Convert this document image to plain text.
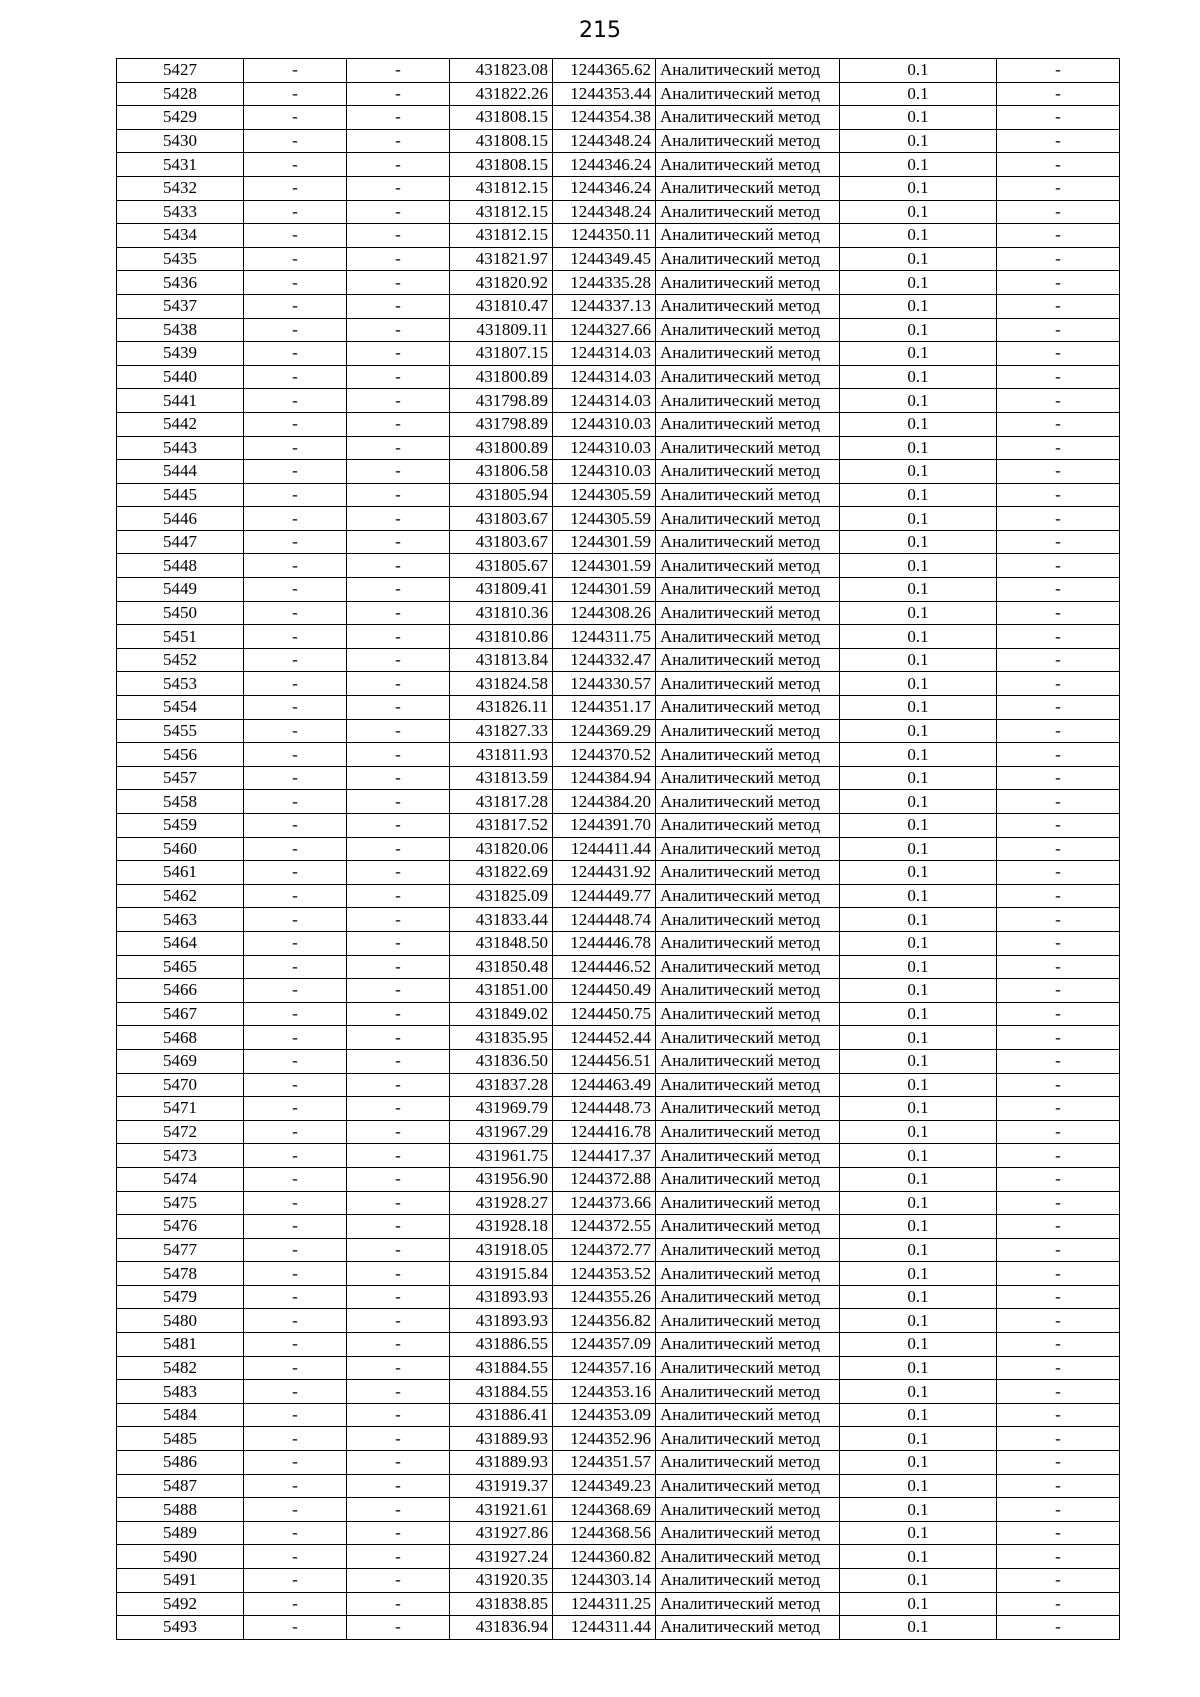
215
5427	-	-	431823.08	1244365.62	Аналитический метод	0.1	-
5428	-	-	431822.26	1244353.44	Аналитический метод	0.1	-
5429	-	-	431808.15	1244354.38	Аналитический метод	0.1	-
5430	-	-	431808.15	1244348.24	Аналитический метод	0.1	-
5431	-	-	431808.15	1244346.24	Аналитический метод	0.1	-
5432	-	-	431812.15	1244346.24	Аналитический метод	0.1	-
5433	-	-	431812.15	1244348.24	Аналитический метод	0.1	-
5434	-	-	431812.15	1244350.11	Аналитический метод	0.1	-
5435	-	-	431821.97	1244349.45	Аналитический метод	0.1	-
5436	-	-	431820.92	1244335.28	Аналитический метод	0.1	-
5437	-	-	431810.47	1244337.13	Аналитический метод	0.1	-
5438	-	-	431809.11	1244327.66	Аналитический метод	0.1	-
5439	-	-	431807.15	1244314.03	Аналитический метод	0.1	-
5440	-	-	431800.89	1244314.03	Аналитический метод	0.1	-
5441	-	-	431798.89	1244314.03	Аналитический метод	0.1	-
5442	-	-	431798.89	1244310.03	Аналитический метод	0.1	-
5443	-	-	431800.89	1244310.03	Аналитический метод	0.1	-
5444	-	-	431806.58	1244310.03	Аналитический метод	0.1	-
5445	-	-	431805.94	1244305.59	Аналитический метод	0.1	-
5446	-	-	431803.67	1244305.59	Аналитический метод	0.1	-
5447	-	-	431803.67	1244301.59	Аналитический метод	0.1	-
5448	-	-	431805.67	1244301.59	Аналитический метод	0.1	-
5449	-	-	431809.41	1244301.59	Аналитический метод	0.1	-
5450	-	-	431810.36	1244308.26	Аналитический метод	0.1	-
5451	-	-	431810.86	1244311.75	Аналитический метод	0.1	-
5452	-	-	431813.84	1244332.47	Аналитический метод	0.1	-
5453	-	-	431824.58	1244330.57	Аналитический метод	0.1	-
5454	-	-	431826.11	1244351.17	Аналитический метод	0.1	-
5455	-	-	431827.33	1244369.29	Аналитический метод	0.1	-
5456	-	-	431811.93	1244370.52	Аналитический метод	0.1	-
5457	-	-	431813.59	1244384.94	Аналитический метод	0.1	-
5458	-	-	431817.28	1244384.20	Аналитический метод	0.1	-
5459	-	-	431817.52	1244391.70	Аналитический метод	0.1	-
5460	-	-	431820.06	1244411.44	Аналитический метод	0.1	-
5461	-	-	431822.69	1244431.92	Аналитический метод	0.1	-
5462	-	-	431825.09	1244449.77	Аналитический метод	0.1	-
5463	-	-	431833.44	1244448.74	Аналитический метод	0.1	-
5464	-	-	431848.50	1244446.78	Аналитический метод	0.1	-
5465	-	-	431850.48	1244446.52	Аналитический метод	0.1	-
5466	-	-	431851.00	1244450.49	Аналитический метод	0.1	-
5467	-	-	431849.02	1244450.75	Аналитический метод	0.1	-
5468	-	-	431835.95	1244452.44	Аналитический метод	0.1	-
5469	-	-	431836.50	1244456.51	Аналитический метод	0.1	-
5470	-	-	431837.28	1244463.49	Аналитический метод	0.1	-
5471	-	-	431969.79	1244448.73	Аналитический метод	0.1	-
5472	-	-	431967.29	1244416.78	Аналитический метод	0.1	-
5473	-	-	431961.75	1244417.37	Аналитический метод	0.1	-
5474	-	-	431956.90	1244372.88	Аналитический метод	0.1	-
5475	-	-	431928.27	1244373.66	Аналитический метод	0.1	-
5476	-	-	431928.18	1244372.55	Аналитический метод	0.1	-
5477	-	-	431918.05	1244372.77	Аналитический метод	0.1	-
5478	-	-	431915.84	1244353.52	Аналитический метод	0.1	-
5479	-	-	431893.93	1244355.26	Аналитический метод	0.1	-
5480	-	-	431893.93	1244356.82	Аналитический метод	0.1	-
5481	-	-	431886.55	1244357.09	Аналитический метод	0.1	-
5482	-	-	431884.55	1244357.16	Аналитический метод	0.1	-
5483	-	-	431884.55	1244353.16	Аналитический метод	0.1	-
5484	-	-	431886.41	1244353.09	Аналитический метод	0.1	-
5485	-	-	431889.93	1244352.96	Аналитический метод	0.1	-
5486	-	-	431889.93	1244351.57	Аналитический метод	0.1	-
5487	-	-	431919.37	1244349.23	Аналитический метод	0.1	-
5488	-	-	431921.61	1244368.69	Аналитический метод	0.1	-
5489	-	-	431927.86	1244368.56	Аналитический метод	0.1	-
5490	-	-	431927.24	1244360.82	Аналитический метод	0.1	-
5491	-	-	431920.35	1244303.14	Аналитический метод	0.1	-
5492	-	-	431838.85	1244311.25	Аналитический метод	0.1	-
5493	-	-	431836.94	1244311.44	Аналитический метод	0.1	-
